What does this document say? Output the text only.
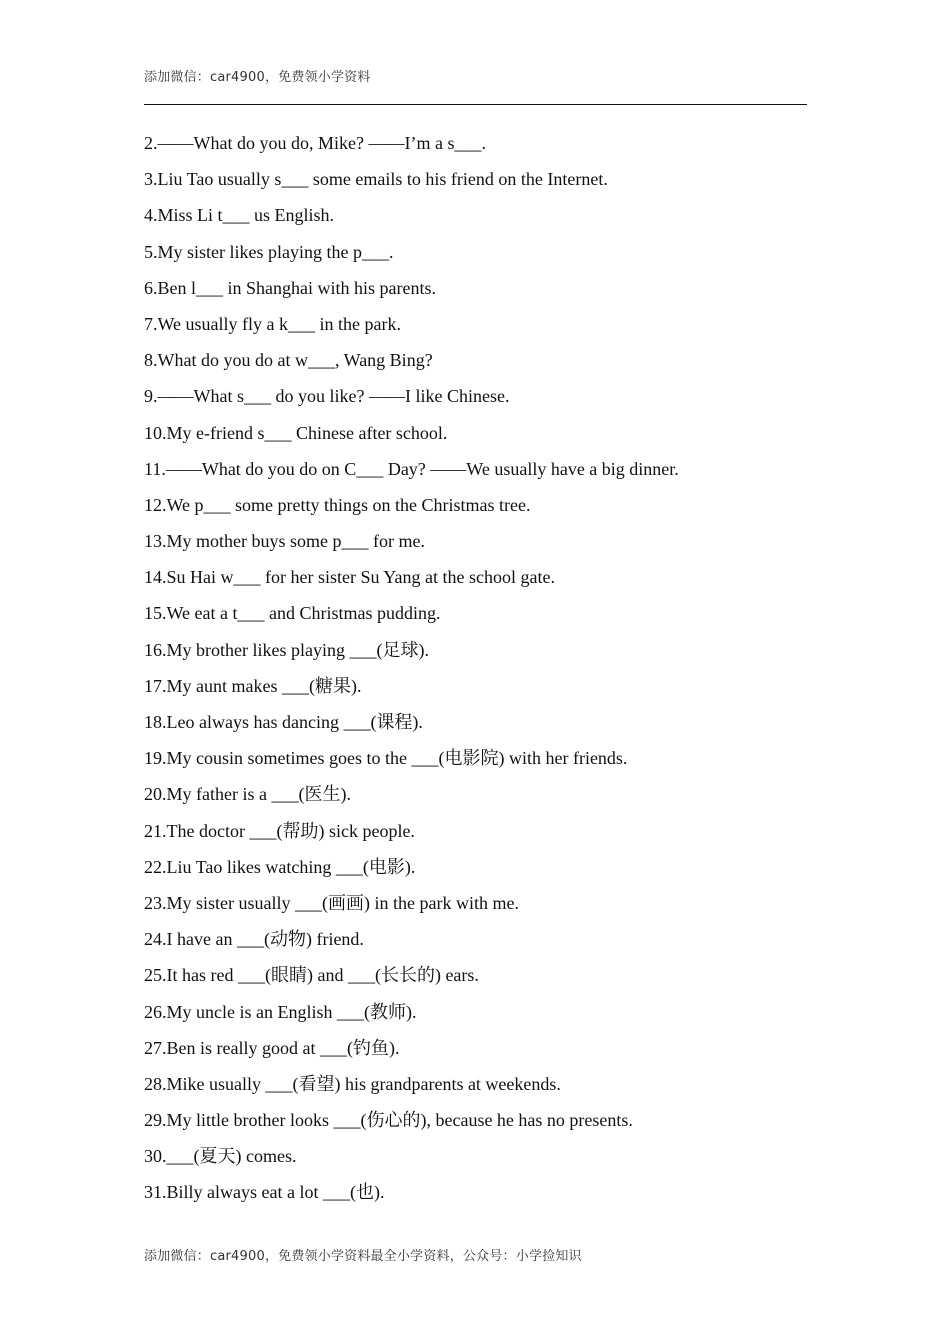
添加微信：car4900，免费领小学资料
2.——What do you do, Mike? ——I’m a s___.
3.Liu Tao usually s___ some emails to his friend on the Internet.
4.Miss Li t___ us English.
5.My sister likes playing the p___.
6.Ben l___ in Shanghai with his parents.
7.We usually fly a k___ in the park.
8.What do you do at w___, Wang Bing?
9.——What s___ do you like? ——I like Chinese.
10.My e-friend s___ Chinese after school.
11.——What do you do on C___ Day? ——We usually have a big dinner.
12.We p___ some pretty things on the Christmas tree.
13.My mother buys some p___ for me.
14.Su Hai w___ for her sister Su Yang at the school gate.
15.We eat a t___ and Christmas pudding.
16.My brother likes playing ___(足球).
17.My aunt makes ___(糖果).
18.Leo always has dancing ___(课程).
19.My cousin sometimes goes to the ___(电影院) with her friends.
20.My father is a ___(医生).
21.The doctor ___(帮助) sick people.
22.Liu Tao likes watching ___(电影).
23.My sister usually ___(画画) in the park with me.
24.I have an ___(动物) friend.
25.It has red ___(眼睛) and ___(长长的) ears.
26.My uncle is an English ___(教师).
27.Ben is really good at ___(钓鱼).
28.Mike usually ___(看望) his grandparents at weekends.
29.My little brother looks ___(伤心的), because he has no presents.
30.___(夏天) comes.
31.Billy always eat a lot ___(也).
添加微信：car4900，免费领小学资料最全小学资料，公众号：小学捡知识
